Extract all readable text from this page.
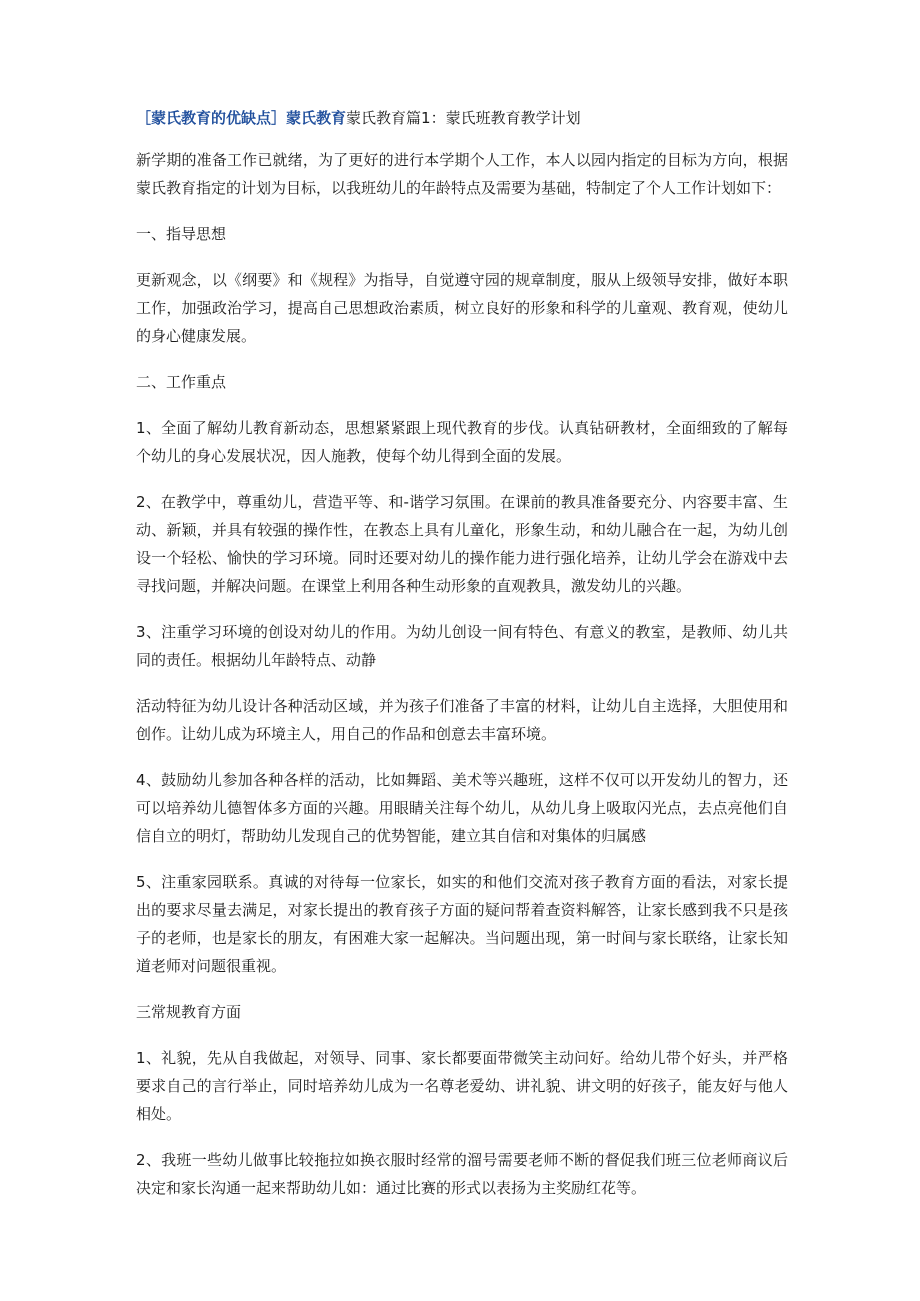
［蒙氏教育的优缺点］蒙氏教育蒙氏教育篇1：蒙氏班教育教学计划

新学期的准备工作已就绪，为了更好的进行本学期个人工作，本人以园内指定的目标为方向，根据蒙氏教育指定的计划为目标，以我班幼儿的年龄特点及需要为基础，特制定了个人工作计划如下：

一、指导思想

更新观念，以《纲要》和《规程》为指导，自觉遵守园的规章制度，服从上级领导安排，做好本职工作，加强政治学习，提高自己思想政治素质，树立良好的形象和科学的儿童观、教育观，使幼儿的身心健康发展。

二、工作重点

1、全面了解幼儿教育新动态，思想紧紧跟上现代教育的步伐。认真钻研教材，全面细致的了解每个幼儿的身心发展状况，因人施教，使每个幼儿得到全面的发展。

2、在教学中，尊重幼儿，营造平等、和-谐学习氛围。在课前的教具准备要充分、内容要丰富、生动、新颖，并具有较强的操作性，在教态上具有儿童化，形象生动，和幼儿融合在一起，为幼儿创设一个轻松、愉快的学习环境。同时还要对幼儿的操作能力进行强化培养，让幼儿学会在游戏中去寻找问题，并解决问题。在课堂上利用各种生动形象的直观教具，激发幼儿的兴趣。

3、注重学习环境的创设对幼儿的作用。为幼儿创设一间有特色、有意义的教室，是教师、幼儿共同的责任。根据幼儿年龄特点、动静

活动特征为幼儿设计各种活动区域，并为孩子们准备了丰富的材料，让幼儿自主选择，大胆使用和创作。让幼儿成为环境主人，用自己的作品和创意去丰富环境。

4、鼓励幼儿参加各种各样的活动，比如舞蹈、美术等兴趣班，这样不仅可以开发幼儿的智力，还可以培养幼儿德智体多方面的兴趣。用眼睛关注每个幼儿，从幼儿身上吸取闪光点，去点亮他们自信自立的明灯，帮助幼儿发现自己的优势智能，建立其自信和对集体的归属感

5、注重家园联系。真诚的对待每一位家长，如实的和他们交流对孩子教育方面的看法，对家长提出的要求尽量去满足，对家长提出的教育孩子方面的疑问帮着查资料解答，让家长感到我不只是孩子的老师，也是家长的朋友，有困难大家一起解决。当问题出现，第一时间与家长联络，让家长知道老师对问题很重视。

三常规教育方面

1、礼貌，先从自我做起，对领导、同事、家长都要面带微笑主动问好。给幼儿带个好头，并严格要求自己的言行举止，同时培养幼儿成为一名尊老爱幼、讲礼貌、讲文明的好孩子，能友好与他人相处。

2、我班一些幼儿做事比较拖拉如换衣服时经常的溜号需要老师不断的督促我们班三位老师商议后决定和家长沟通一起来帮助幼儿如：通过比赛的形式以表扬为主奖励红花等。
